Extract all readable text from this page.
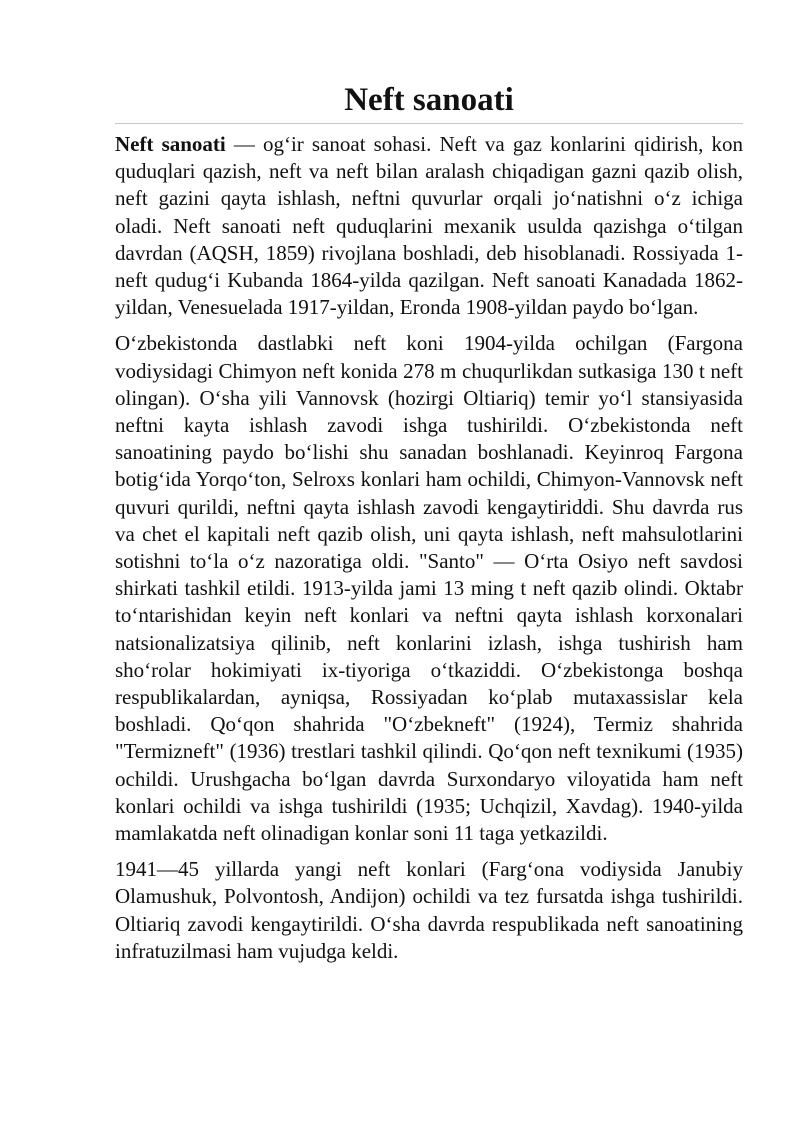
Neft sanoati

Neft sanoati — og‘ir sanoat sohasi. Neft va gaz konlarini qidirish, kon quduqlari qazish, neft va neft bilan aralash chiqadigan gazni qazib olish, neft gazini qayta ishlash, neftni quvurlar orqali jo‘natishni o‘z ichiga oladi. Neft sanoati neft quduqlarini mexanik usulda qazishga o‘tilgan davrdan (AQSH, 1859) rivojlana boshladi, deb hisoblanadi. Rossiyada 1-neft qudug‘i Kubanda 1864-yilda qazilgan. Neft sanoati Kanadada 1862-yildan, Venesuelada 1917-yildan, Eronda 1908-yildan paydo bo‘lgan.

O‘zbekistonda dastlabki neft koni 1904-yilda ochilgan (Fargona vodiysidagi Chimyon neft konida 278 m chuqurlikdan sutkasiga 130 t neft olingan). O‘sha yili Vannovsk (hozirgi Oltiariq) temir yo‘l stansiyasida neftni kayta ishlash zavodi ishga tushirildi. O‘zbekistonda neft sanoatining paydo bo‘lishi shu sanadan boshlanadi. Keyinroq Fargona botig‘ida Yorqo‘ton, Selroxs konlari ham ochildi, Chimyon-Vannovsk neft quvuri qurildi, neftni qayta ishlash zavodi kengaytiriddi. Shu davrda rus va chet el kapitali neft qazib olish, uni qayta ishlash, neft mahsulotlarini sotishni to‘la o‘z nazoratiga oldi. "Santo" — O‘rta Osiyo neft savdosi shirkati tashkil etildi. 1913-yilda jami 13 ming t neft qazib olindi. Oktabr to‘ntarishidan keyin neft konlari va neftni qayta ishlash korxonalari natsionalizatsiya qilinib, neft konlarini izlash, ishga tushirish ham sho‘rolar hokimiyati ix-tiyoriga o‘tkaziddi. O‘zbekistonga boshqa respublikalardan, ayniqsa, Rossiyadan ko‘plab mutaxassislar kela boshladi. Qo‘qon shahrida "O‘zbekneft" (1924), Termiz shahrida "Termizneft" (1936) trestlari tashkil qilindi. Qo‘qon neft texnikumi (1935) ochildi. Urushgacha bo‘lgan davrda Surxondaryo viloyatida ham neft konlari ochildi va ishga tushirildi (1935; Uchqizil, Xavdag). 1940-yilda mamlakatda neft olinadigan konlar soni 11 taga yetkazildi.

1941—45 yillarda yangi neft konlari (Farg‘ona vodiysida Janubiy Olamushuk, Polvontosh, Andijon) ochildi va tez fursatda ishga tushirildi. Oltiariq zavodi kengaytirildi. O‘sha davrda respublikada neft sanoatining infratuzilmasi ham vujudga keldi.
